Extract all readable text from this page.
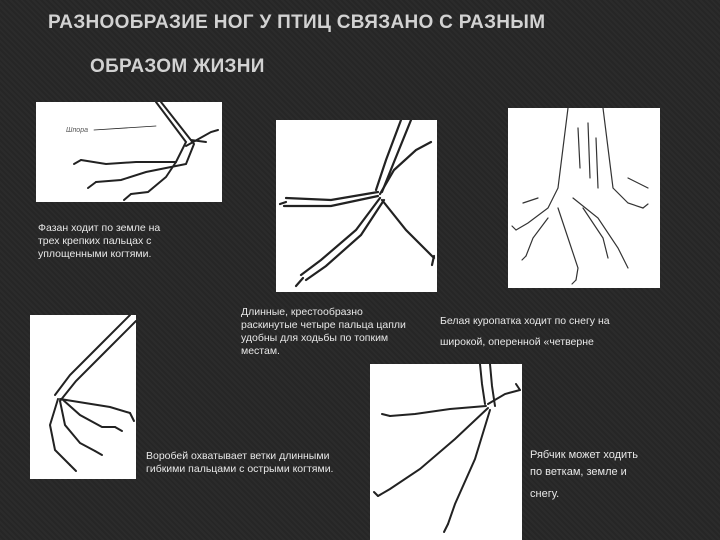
РАЗНООБРАЗИЕ НОГ У ПТИЦ СВЯЗАНО С РАЗНЫМ
ОБРАЗОМ ЖИЗНИ
Шпора
Фазан ходит по земле на трех крепких пальцах с уплощенными когтями.
Длинные, крестообразно раскинутые четыре пальца цапли удобны для ходьбы по топким местам.
Белая куропатка ходит по снегу на
широкой, оперенной «четверне
Воробей охватывает ветки длинными гибкими пальцами с острыми когтями.
Рябчик может ходить
по веткам, земле и
снегу.
